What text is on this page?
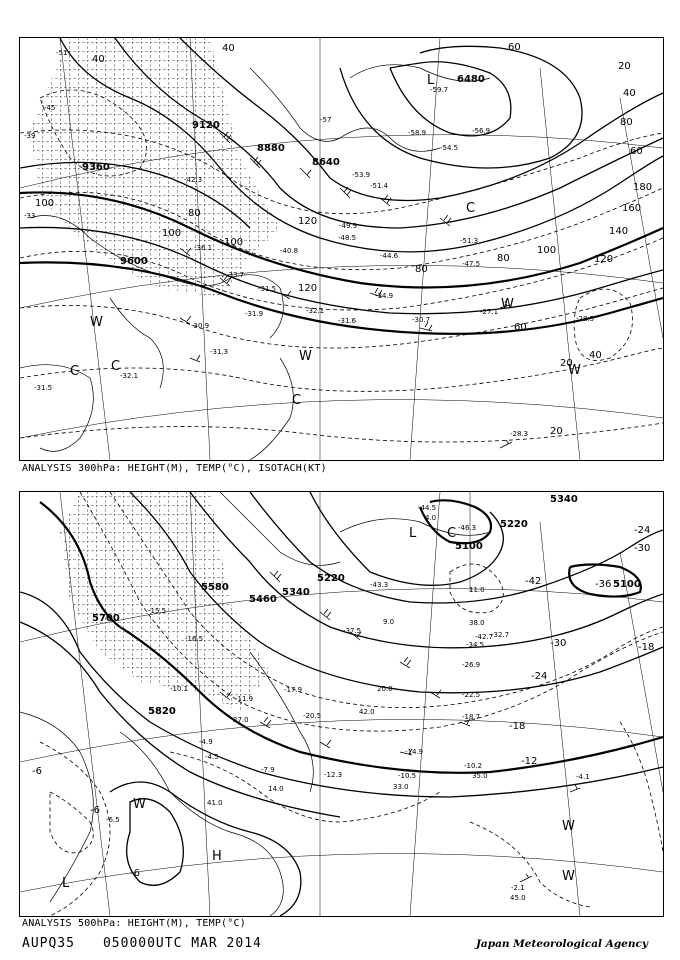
9120
8880
8640
9360
9600
6480
40
40
100
100
80
100
120
120
80
60
40
20
20
60
80
100
120
140
160
180
60
80
40
20
-51
-45
-39
-33
-57
-59.7
-58.9	-56.9
-54.5
-53.9
-51.4
-49.9
-48.5	-51.3
-47.5
-44.6
-42.3
-40.8
-36.1
-33.7
-31.5
-31.9	-32.1
-31.3
-30.7
-34.9
-27.1
-28.5
-28.3
-30.9
-31.6
-32.1
-31.5
L
C C
C
C
W
W
W
W
ANALYSIS 300hPa: HEIGHT(M), TEMP(°C), ISOTACH(KT)
5700
5580
5460
5340
5220
5100
5100
5820
5340
5220
-42	-36
-30
-24
-18
-12
-6
-6
-6
-30
-24
-18
-44.5
-46.3
-43.3
-42.7
-37.5
-34.5
-32.7
-26.9
-22.5
-18.7
-14.9
-10.5
-10.2
-4.1
-2.1
-15.5
-16.5
-17.9
-20.5
-12.3
-7.9
-4.5
-4.9
-6.5
-10.1
-11.9
4.0
9.0
11.0
14.0
20.0
27.0
33.0
35.0
38.0
41.0
42.0
45.0
L C
L
W
W
W
H
ANALYSIS 500hPa: HEIGHT(M), TEMP(°C)
AUPQ35 050000UTC MAR 2014	Japan Meteorological Agency
